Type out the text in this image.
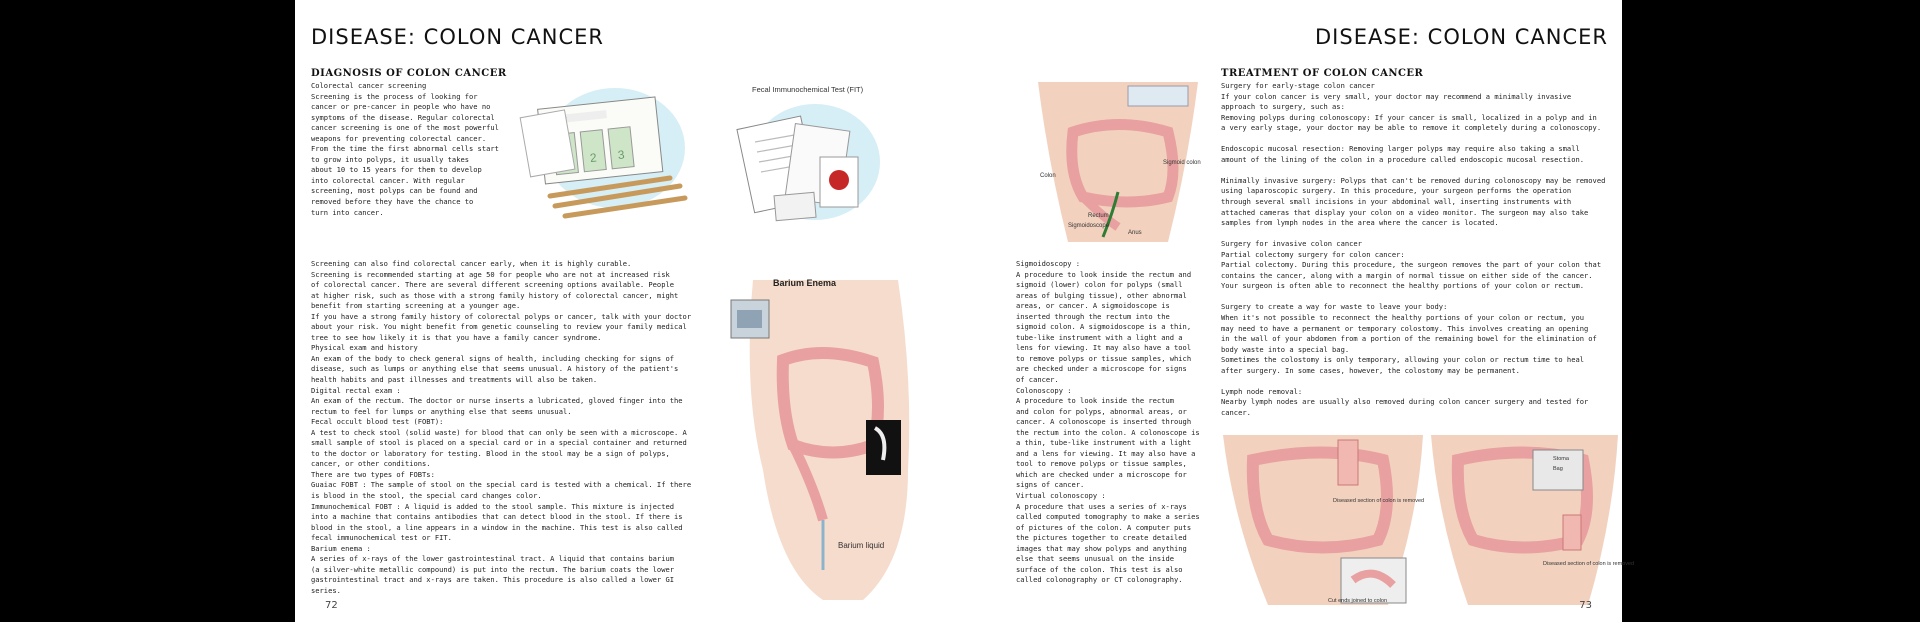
DISEASE: COLON CANCER
DIAGNOSIS OF COLON CANCER

Colorectal cancer screening

Screening is the process of looking for

cancer or pre-cancer in people who have no

symptoms of the disease. Regular colorectal

cancer screening is one of the most powerful

weapons for preventing colorectal cancer.

From the time the first abnormal cells start

to grow into polyps, it usually takes

about 10 to 15 years for them to develop

into colorectal cancer. With regular

screening, most polyps can be found and

removed before they have the chance to

turn into cancer.

2 3
Fecal Immunochemical Test (FIT)

Screening can also find colorectal cancer early, when it is highly curable.

Screening is recommended starting at age 50 for people who are not at increased risk

of colorectal cancer. There are several different screening options available. People

at higher risk, such as those with a strong family history of colorectal cancer, might

benefit from starting screening at a younger age.

If you have a strong family history of colorectal polyps or cancer, talk with your doctor

about your risk. You might benefit from genetic counseling to review your family medical

tree to see how likely it is that you have a family cancer syndrome.

Physical exam and history

An exam of the body to check general signs of health, including checking for signs of

disease, such as lumps or anything else that seems unusual. A history of the patient's

health habits and past illnesses and treatments will also be taken.

Digital rectal exam :

An exam of the rectum. The doctor or nurse inserts a lubricated, gloved finger into the

rectum to feel for lumps or anything else that seems unusual.

Fecal occult blood test (FOBT):

A test to check stool (solid waste) for blood that can only be seen with a microscope. A

small sample of stool is placed on a special card or in a special container and returned

to the doctor or laboratory for testing. Blood in the stool may be a sign of polyps,

cancer, or other conditions.

There are two types of FOBTs:

Guaiac FOBT : The sample of stool on the special card is tested with a chemical. If there

is blood in the stool, the special card changes color.

Immunochemical FOBT : A liquid is added to the stool sample. This mixture is injected

into a machine that contains antibodies that can detect blood in the stool. If there is

blood in the stool, a line appears in a window in the machine. This test is also called

fecal immunochemical test or FIT.

Barium enema :

A series of x-rays of the lower gastrointestinal tract. A liquid that contains barium

(a silver-white metallic compound) is put into the rectum. The barium coats the lower

gastrointestinal tract and x-rays are taken. This procedure is also called a lower GI

series.

Barium Enema
Barium liquid
72
DISEASE: COLON CANCER
Colon
Rectum
Sigmoidoscope
Anus
Sigmoid colon

Sigmoidoscopy :

A procedure to look inside the rectum and

sigmoid (lower) colon for polyps (small

areas of bulging tissue), other abnormal

areas, or cancer. A sigmoidoscope is

inserted through the rectum into the

sigmoid colon. A sigmoidoscope is a thin,

tube-like instrument with a light and a

lens for viewing. It may also have a tool

to remove polyps or tissue samples, which

are checked under a microscope for signs

of cancer.

Colonoscopy :

A procedure to look inside the rectum

and colon for polyps, abnormal areas, or

cancer. A colonoscope is inserted through

the rectum into the colon. A colonoscope is

a thin, tube-like instrument with a light

and a lens for viewing. It may also have a

tool to remove polyps or tissue samples,

which are checked under a microscope for

signs of cancer.

Virtual colonoscopy :

A procedure that uses a series of x-rays

called computed tomography to make a series

of pictures of the colon. A computer puts

the pictures together to create detailed

images that may show polyps and anything

else that seems unusual on the inside

surface of the colon. This test is also

called colonography or CT colonography.

TREATMENT OF COLON CANCER

Surgery for early-stage colon cancer

If your colon cancer is very small, your doctor may recommend a minimally invasive

approach to surgery, such as:

Removing polyps during colonoscopy: If your cancer is small, localized in a polyp and in

a very early stage, your doctor may be able to remove it completely during a colonoscopy.

Endoscopic mucosal resection: Removing larger polyps may require also taking a small

amount of the lining of the colon in a procedure called endoscopic mucosal resection.

Minimally invasive surgery: Polyps that can't be removed during colonoscopy may be removed

using laparoscopic surgery. In this procedure, your surgeon performs the operation

through several small incisions in your abdominal wall, inserting instruments with

attached cameras that display your colon on a video monitor. The surgeon may also take

samples from lymph nodes in the area where the cancer is located.

Surgery for invasive colon cancer

Partial colectomy surgery for colon cancer:

Partial colectomy. During this procedure, the surgeon removes the part of your colon that

contains the cancer, along with a margin of normal tissue on either side of the cancer.

Your surgeon is often able to reconnect the healthy portions of your colon or rectum.

Surgery to create a way for waste to leave your body:

When it's not possible to reconnect the healthy portions of your colon or rectum, you

may need to have a permanent or temporary colostomy. This involves creating an opening

in the wall of your abdomen from a portion of the remaining bowel for the elimination of

body waste into a special bag.

Sometimes the colostomy is only temporary, allowing your colon or rectum time to heal

after surgery. In some cases, however, the colostomy may be permanent.

Lymph node removal:

Nearby lymph nodes are usually also removed during colon cancer surgery and tested for

cancer.

Diseased section of colon is removed
Cut ends joined to colon
Stoma
Bag
Diseased section of colon is removed
73
